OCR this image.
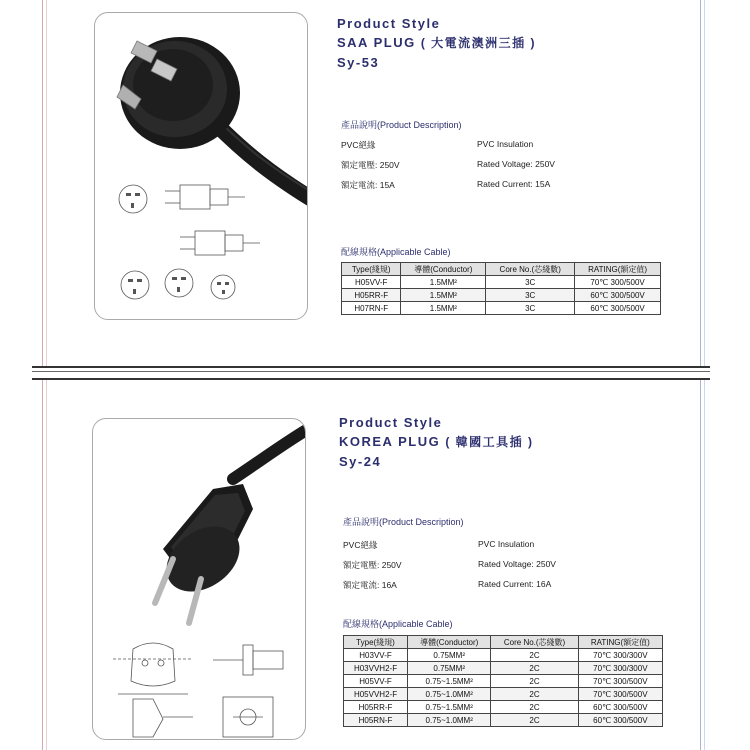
Product Style
SAA PLUG ( 大電流澳洲三插 )
Sy-53
產品說明(Product Description)
PVC絕緣	PVC Insulation
額定電壓: 250V	Rated Voltage: 250V
額定電流: 15A	Rated Current: 15A
配線規格(Applicable Cable)
Type(綫規)	導體(Conductor)	Core No.(芯綫數)	RATING(額定值)
H05VV-F	1.5MM²	3C	70℃ 300/500V
H05RR-F	1.5MM²	3C	60℃ 300/500V
H07RN-F	1.5MM²	3C	60℃ 300/500V
Product Style
KOREA PLUG ( 韓國工具插 )
Sy-24
產品說明(Product Description)
PVC絕緣	PVC Insulation
額定電壓: 250V	Rated Voltage: 250V
額定電流: 16A	Rated Current: 16A
配線規格(Applicable Cable)
Type(綫規)	導體(Conductor)	Core No.(芯綫數)	RATING(額定值)
H03VV-F	0.75MM²	2C	70℃ 300/300V
H03VVH2-F	0.75MM²	2C	70℃ 300/300V
H05VV-F	0.75~1.5MM²	2C	70℃ 300/500V
H05VVH2-F	0.75~1.0MM²	2C	70℃ 300/500V
H05RR-F	0.75~1.5MM²	2C	60℃ 300/500V
H05RN-F	0.75~1.0MM²	2C	60℃ 300/500V
